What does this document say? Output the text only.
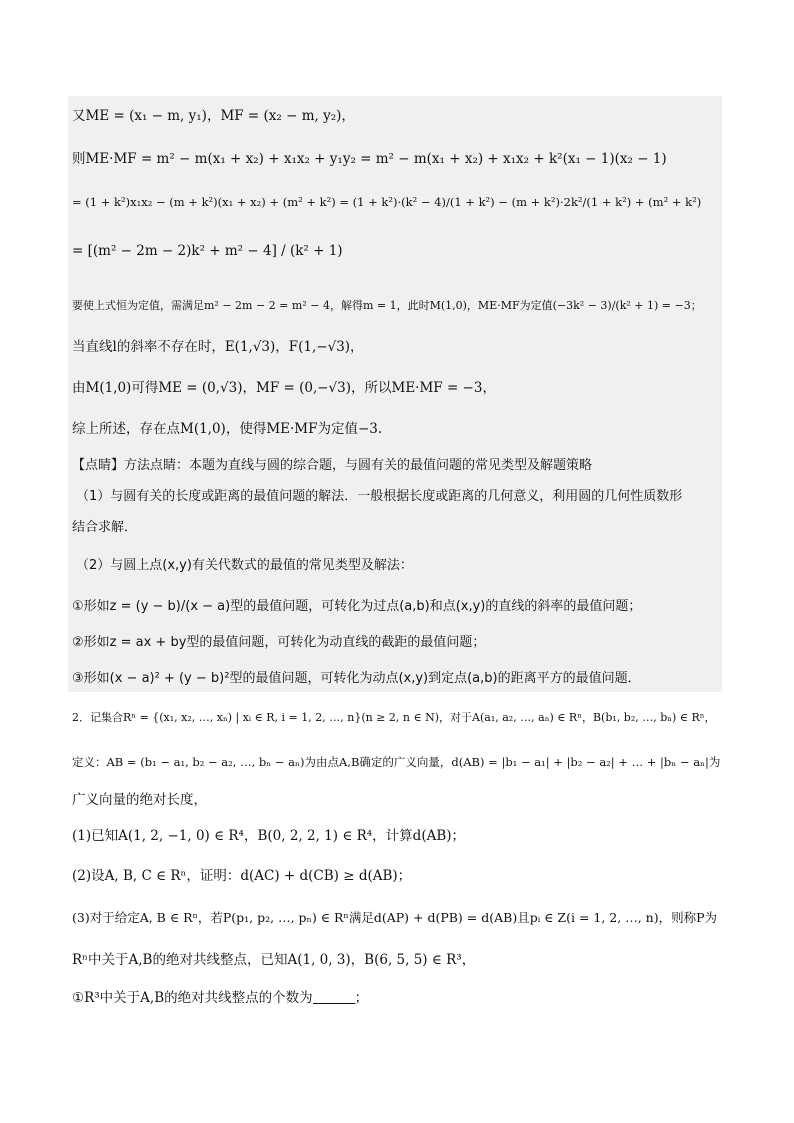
又ME = (x₁ − m, y₁)，MF = (x₂ − m, y₂)，
则ME·MF = m² − m(x₁ + x₂) + x₁x₂ + y₁y₂ = m² − m(x₁ + x₂) + x₁x₂ + k²(x₁ − 1)(x₂ − 1)
= (1 + k²)x₁x₂ − (m + k²)(x₁ + x₂) + (m² + k²) = (1 + k²)·(k² − 4)/(1 + k²) − (m + k²)·2k²/(1 + k²) + (m² + k²)
= [(m² − 2m − 2)k² + m² − 4] / (k² + 1)
要使上式恒为定值，需满足m² − 2m − 2 = m² − 4，解得m = 1，此时M(1,0)，ME·MF为定值(−3k² − 3)/(k² + 1) = −3；
当直线l的斜率不存在时，E(1,√3)，F(1,−√3)，
由M(1,0)可得ME = (0,√3)，MF = (0,−√3)，所以ME·MF = −3，
综上所述，存在点M(1,0)，使得ME·MF为定值−3.
【点睛】方法点睛：本题为直线与圆的综合题，与圆有关的最值问题的常见类型及解题策略
（1）与圆有关的长度或距离的最值问题的解法．一般根据长度或距离的几何意义，利用圆的几何性质数形
结合求解．
（2）与圆上点(x,y)有关代数式的最值的常见类型及解法：
①形如z = (y − b)/(x − a)型的最值问题，可转化为过点(a,b)和点(x,y)的直线的斜率的最值问题；
②形如z = ax + by型的最值问题，可转化为动直线的截距的最值问题；
③形如(x − a)² + (y − b)²型的最值问题，可转化为动点(x,y)到定点(a,b)的距离平方的最值问题．
2．记集合Rⁿ = {(x₁, x₂, …, xₙ) | xᵢ ∈ R, i = 1, 2, …, n}(n ≥ 2, n ∈ N)，对于A(a₁, a₂, …, aₙ) ∈ Rⁿ，B(b₁, b₂, …, bₙ) ∈ Rⁿ，
定义：AB = (b₁ − a₁, b₂ − a₂, …, bₙ − aₙ)为由点A,B确定的广义向量，d(AB) = |b₁ − a₁| + |b₂ − a₂| + … + |bₙ − aₙ|为
广义向量的绝对长度，
(1)已知A(1, 2, −1, 0) ∈ R⁴，B(0, 2, 2, 1) ∈ R⁴，计算d(AB)；
(2)设A, B, C ∈ Rⁿ，证明：d(AC) + d(CB) ≥ d(AB)；
(3)对于给定A, B ∈ Rⁿ，若P(p₁, p₂, …, pₙ) ∈ Rⁿ满足d(AP) + d(PB) = d(AB)且pᵢ ∈ Z(i = 1, 2, …, n)，则称P为
Rⁿ中关于A,B的绝对共线整点，已知A(1, 0, 3)，B(6, 5, 5) ∈ R³，
①R³中关于A,B的绝对共线整点的个数为	；
